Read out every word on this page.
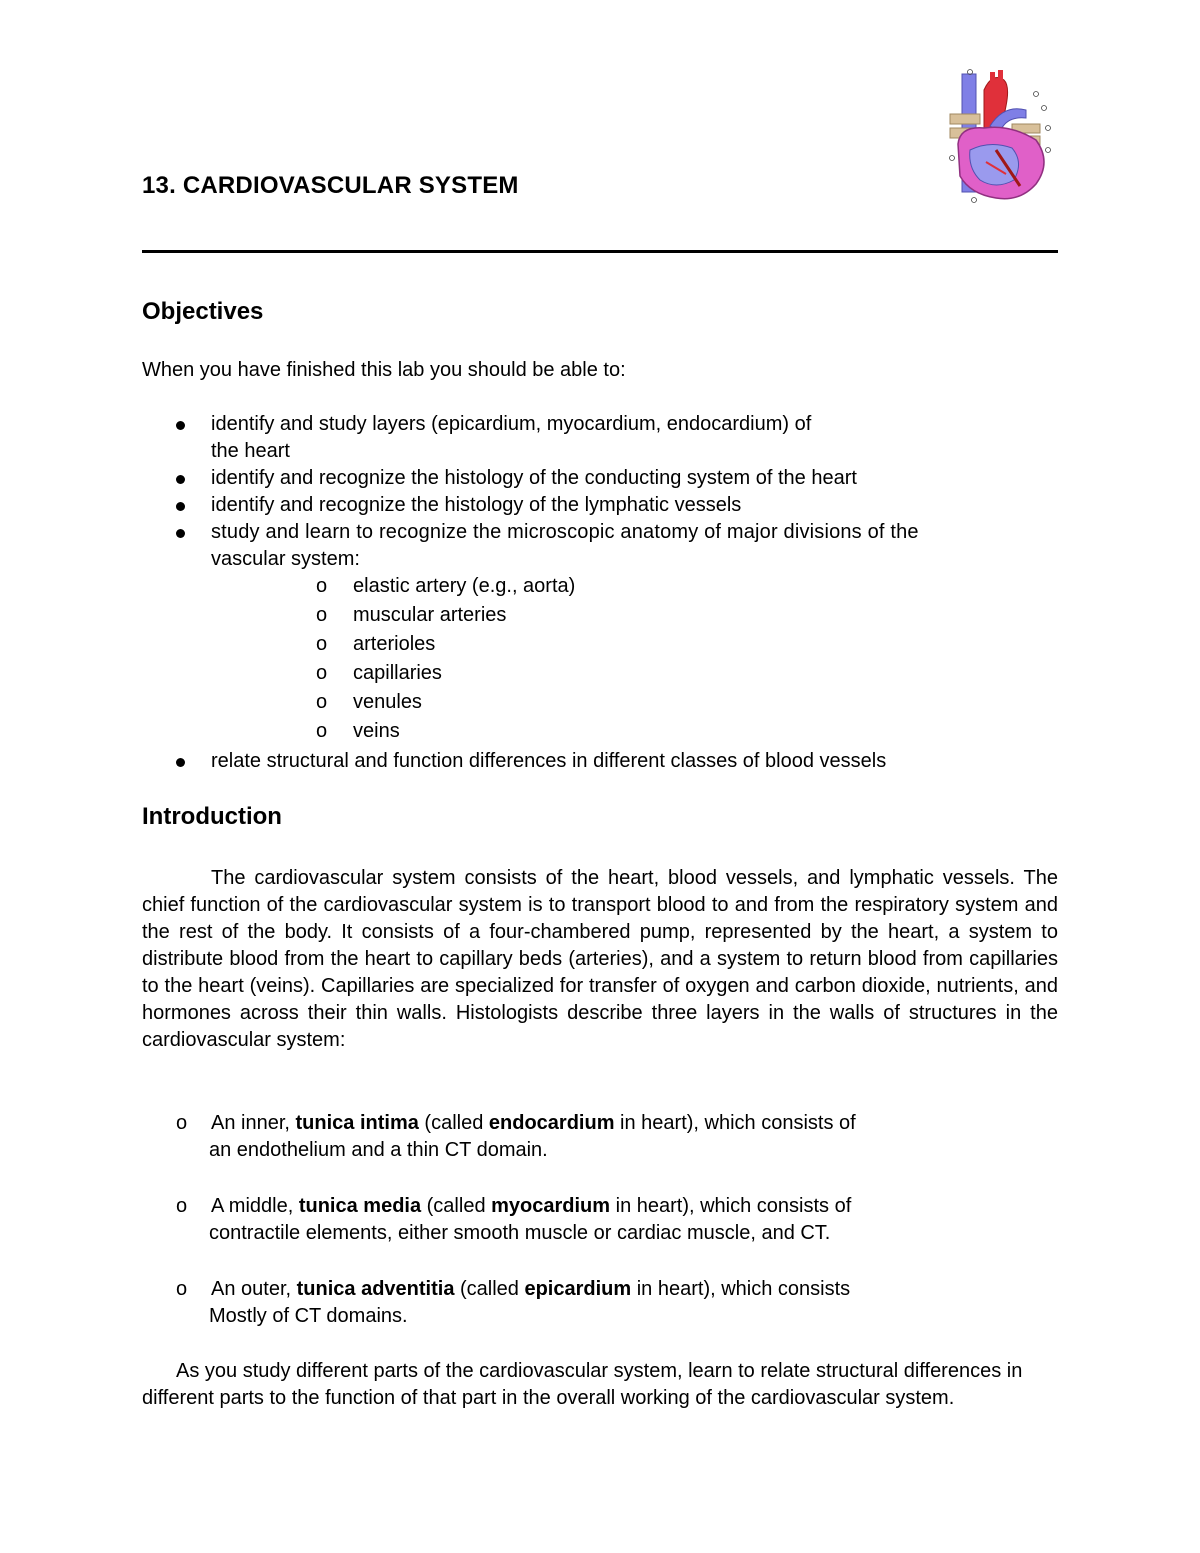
13. CARDIOVASCULAR SYSTEM
Objectives
When you have finished this lab you should be able to:
identify and study layers (epicardium, myocardium, endocardium) of
the heart
identify and recognize the histology of the conducting system of the heart
identify and recognize the histology of the lymphatic vessels
study and learn to recognize the microscopic anatomy of major divisions of the
vascular system:
o elastic artery (e.g., aorta)
o muscular arteries
o arterioles
o capillaries
o venules
o veins
relate structural and function differences in different classes of blood vessels
Introduction
The cardiovascular system consists of the heart, blood vessels, and lymphatic vessels. The chief function of the cardiovascular system is to transport blood to and from the respiratory system and the rest of the body. It consists of a four-chambered pump, represented by the heart, a system to distribute blood from the heart to capillary beds (arteries), and a system to return blood from capillaries to the heart (veins). Capillaries are specialized for transfer of oxygen and carbon dioxide, nutrients, and hormones across their thin walls. Histologists describe three layers in the walls of structures in the cardiovascular system:
o An inner, tunica intima (called endocardium in heart), which consists of
an endothelium and a thin CT domain.
o A middle, tunica media (called myocardium in heart), which consists of
contractile elements, either smooth muscle or cardiac muscle, and CT.
o An outer, tunica adventitia (called epicardium in heart), which consists
Mostly of CT domains.
As you study different parts of the cardiovascular system, learn to relate structural differences in different parts to the function of that part in the overall working of the cardiovascular system.
